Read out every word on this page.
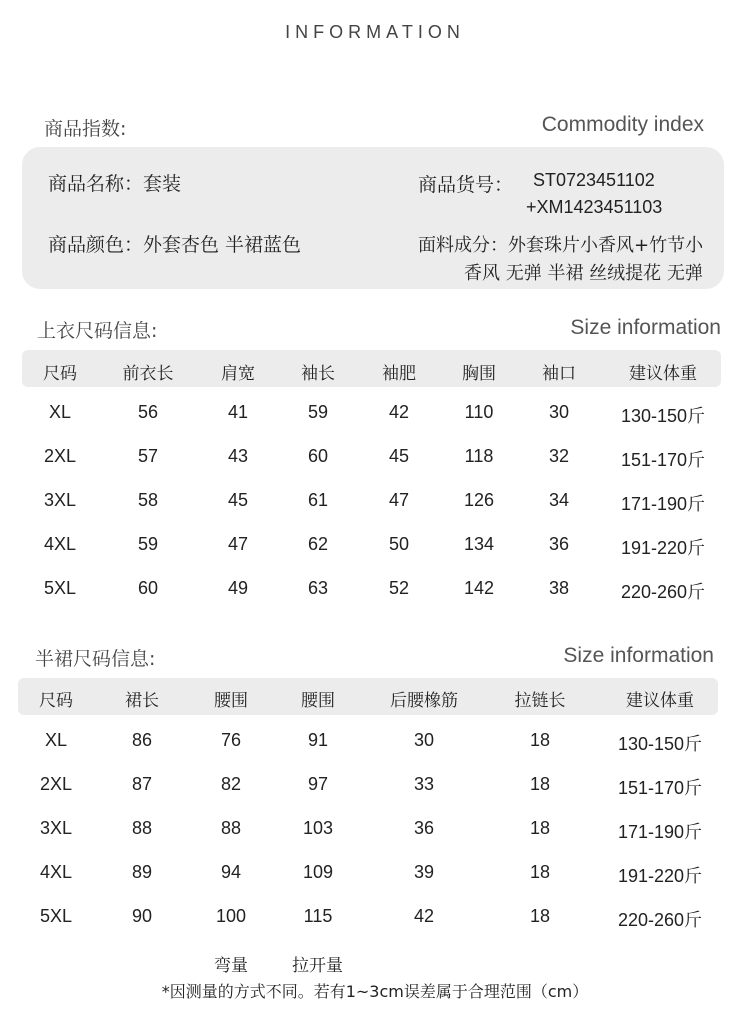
INFORMATION
商品指数:	Commodity index
商品名称：套装	商品货号： ST0723451102
+XM1423451103
商品颜色：外套杏色 半裙蓝色	面料成分：外套珠片小香风+竹节小
香风 无弹 半裙 丝绒提花 无弹
上衣尺码信息:	Size information
尺码	前衣长	肩宽	袖长	袖肥	胸围	袖口	建议体重
XL	56	41	59	42	110	30	130-150斤
2XL	57	43	60	45	118	32	151-170斤
3XL	58	45	61	47	126	34	171-190斤
4XL	59	47	62	50	134	36	191-220斤
5XL	60	49	63	52	142	38	220-260斤
半裙尺码信息:	Size information
尺码	裙长	腰围	腰围	后腰橡筋	拉链长	建议体重
XL	86	76	91	30	18	130-150斤
2XL	87	82	97	33	18	151-170斤
3XL	88	88	103	36	18	171-190斤
4XL	89	94	109	39	18	191-220斤
5XL	90	100	115	42	18	220-260斤
弯量	拉开量
*因测量的方式不同。若有1~3cm误差属于合理范围（cm）
